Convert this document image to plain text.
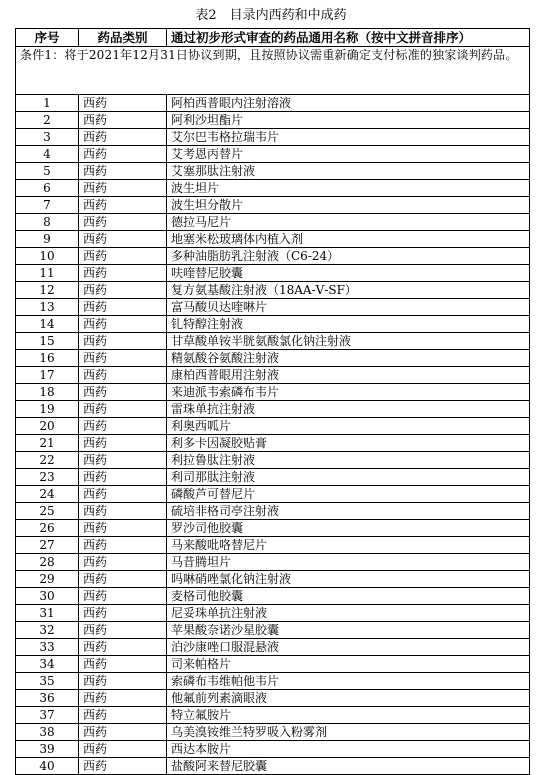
表2　目录内西药和中成药
序号	药品类别	通过初步形式审查的药品通用名称（按中文拼音排序）
条件1：将于2021年12月31日协议到期，且按照协议需重新确定支付标准的独家谈判药品。		
1	西药	阿柏西普眼内注射溶液
2	西药	阿利沙坦酯片
3	西药	艾尔巴韦格拉瑞韦片
4	西药	艾考恩丙替片
5	西药	艾塞那肽注射液
6	西药	波生坦片
7	西药	波生坦分散片
8	西药	德拉马尼片
9	西药	地塞米松玻璃体内植入剂
10	西药	多种油脂肪乳注射液（C6-24）
11	西药	呋喹替尼胶囊
12	西药	复方氨基酸注射液（18AA-Ⅴ-SF）
13	西药	富马酸贝达喹啉片
14	西药	钆特醇注射液
15	西药	甘草酸单铵半胱氨酸氯化钠注射液
16	西药	精氨酸谷氨酸注射液
17	西药	康柏西普眼用注射液
18	西药	来迪派韦索磷布韦片
19	西药	雷珠单抗注射液
20	西药	利奥西呱片
21	西药	利多卡因凝胶贴膏
22	西药	利拉鲁肽注射液
23	西药	利司那肽注射液
24	西药	磷酸芦可替尼片
25	西药	硫培非格司亭注射液
26	西药	罗沙司他胶囊
27	西药	马来酸吡咯替尼片
28	西药	马昔腾坦片
29	西药	吗啉硝唑氯化钠注射液
30	西药	麦格司他胶囊
31	西药	尼妥珠单抗注射液
32	西药	苹果酸奈诺沙星胶囊
33	西药	泊沙康唑口服混悬液
34	西药	司来帕格片
35	西药	索磷布韦维帕他韦片
36	西药	他氟前列素滴眼液
37	西药	特立氟胺片
38	西药	乌美溴铵维兰特罗吸入粉雾剂
39	西药	西达本胺片
40	西药	盐酸阿来替尼胶囊
